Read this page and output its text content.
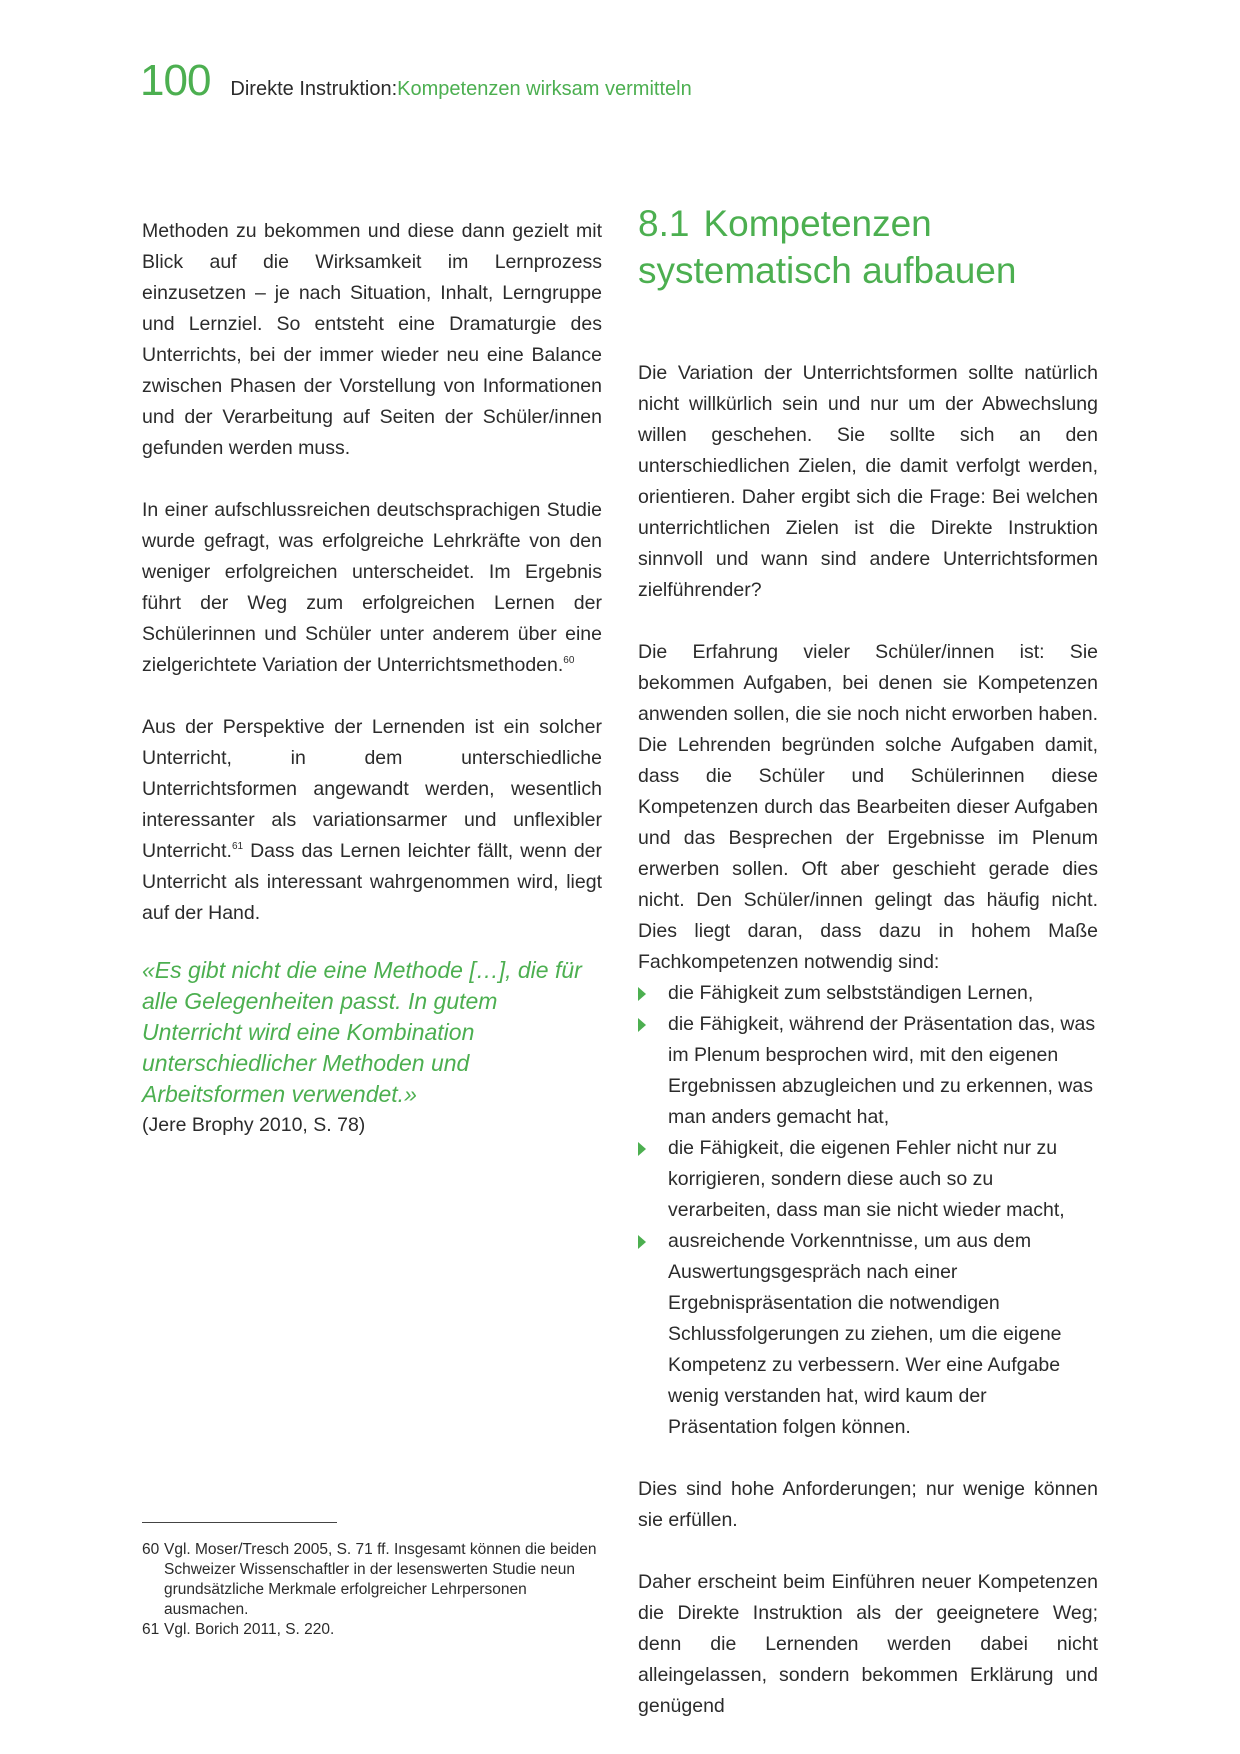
100 Direkte Instruktion: Kompetenzen wirksam vermitteln

Methoden zu bekommen und diese dann gezielt mit Blick auf die Wirksamkeit im Lernprozess einzusetzen – je nach Situation, Inhalt, Lerngruppe und Lernziel. So entsteht eine Dramaturgie des Unterrichts, bei der immer wieder neu eine Balance zwischen Phasen der Vorstellung von Informationen und der Verarbeitung auf Seiten der Schüler/innen gefunden werden muss.

In einer aufschlussreichen deutschsprachigen Studie wurde gefragt, was erfolgreiche Lehrkräfte von den weniger erfolgreichen unterscheidet. Im Ergebnis führt der Weg zum erfolgreichen Lernen der Schülerinnen und Schüler unter anderem über eine zielgerichtete Variation der Unterrichtsmethoden.$^{60}$

Aus der Perspektive der Lernenden ist ein solcher Unterricht, in dem unterschiedliche Unterrichtsformen angewandt werden, wesentlich interessanter als variationsarmer und unflexibler Unterricht.$^{61}$ Dass das Lernen leichter fällt, wenn der Unterricht als interessant wahrgenommen wird, liegt auf der Hand.

«Es gibt nicht die eine Methode […], die für alle Gelegenheiten passt. In gutem Unterricht wird eine Kombination unterschiedlicher Methoden und Arbeitsformen verwendet.»

(Jere Brophy 2010, S. 78)

60 Vgl. Moser/Tresch 2005, S. 71 ff. Insgesamt können die beiden Schweizer Wissenschaftler in der lesenswerten Studie neun grundsätzliche Merkmale erfolgreicher Lehrpersonen ausmachen.
61 Vgl. Borich 2011, S. 220.
8.1 Kompetenzen systematisch aufbauen

Die Variation der Unterrichtsformen sollte natürlich nicht willkürlich sein und nur um der Abwechslung willen geschehen. Sie sollte sich an den unterschiedlichen Zielen, die damit verfolgt werden, orientieren. Daher ergibt sich die Frage: Bei welchen unterrichtlichen Zielen ist die Direkte Instruktion sinnvoll und wann sind andere Unterrichtsformen zielführender?

Die Erfahrung vieler Schüler/innen ist: Sie bekommen Aufgaben, bei denen sie Kompetenzen anwenden sollen, die sie noch nicht erworben haben. Die Lehrenden begründen solche Aufgaben damit, dass die Schüler und Schülerinnen diese Kompetenzen durch das Bearbeiten dieser Aufgaben und das Besprechen der Ergebnisse im Plenum erwerben sollen. Oft aber geschieht gerade dies nicht. Den Schüler/innen gelingt das häufig nicht. Dies liegt daran, dass dazu in hohem Maße Fachkompetenzen notwendig sind:

die Fähigkeit zum selbstständigen Lernen,
die Fähigkeit, während der Präsentation das, was im Plenum besprochen wird, mit den eigenen Ergebnissen abzugleichen und zu erkennen, was man anders gemacht hat,
die Fähigkeit, die eigenen Fehler nicht nur zu korrigieren, sondern diese auch so zu verarbeiten, dass man sie nicht wieder macht,
ausreichende Vorkenntnisse, um aus dem Auswertungsgespräch nach einer Ergebnispräsentation die notwendigen Schlussfolgerungen zu ziehen, um die eigene Kompetenz zu verbessern. Wer eine Aufgabe wenig verstanden hat, wird kaum der Präsentation folgen können.

Dies sind hohe Anforderungen; nur wenige können sie erfüllen.

Daher erscheint beim Einführen neuer Kompetenzen die Direkte Instruktion als der geeignetere Weg; denn die Lernenden werden dabei nicht alleingelassen, sondern bekommen Erklärung und genügend
